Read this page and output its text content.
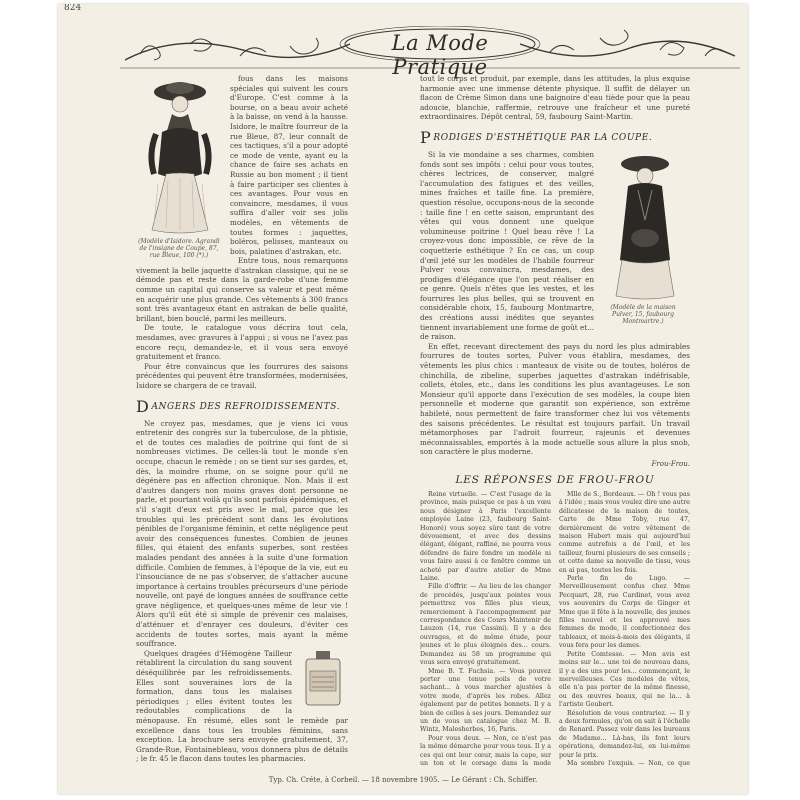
824
La Mode Pratique
(Modèle d'Isidore. Agrandi de l'insigne de Coupe, 87, rue Bleue, 100 (*).)

fous dans les maisons spéciales qui suivent les cours d'Europe. C'est comme à la bourse, on a beau avoir acheté à la baisse, on vend à la hausse. Isidore, le maître fourreur de la rue Bleue, 87, leur connaît de ces tactiques, s'il a pour adopté ce mode de vente, ayant eu la chance de faire ses achats en Russie au bon moment ; il tient à faire participer ses clientes à ces avantages. Pour vous en convaincre, mesdames, il vous suffira d'aller voir ses jolis modèles, en vêtements de toutes formes : jaquettes, boléros, pelisses, manteaux ou bois, palatines d'astrakan, etc.

Entre tous, nous remarquons vivement la belle jaquette d'astrakan classique, qui ne se démode pas et reste dans la garde-robe d'une femme comme un capital qui conserve sa valeur et peut même en acquérir une plus grande. Ces vêtements à 300 francs sont très avantageux étant en astrakan de belle qualité, brillant, bien bouclé, parmi les meilleurs.

De toute, le catalogue vous décrira tout cela, mesdames, avec gravures à l'appui ; si vous ne l'avez pas encore reçu, demandez-le, et il vous sera envoyé gratuitement et franco.

Pour être convaincus que les fourrures des saisons précédentes qui peuvent être transformées, modernisées, Isidore se chargera de ce travail.

DANGERS DES REFROIDISSEMENTS.

Ne croyez pas, mesdames, que je viens ici vous entretenir des congrès sur la tuberculose, de la phtisie, et de toutes ces maladies de poitrine qui font de si nombreuses victimes. De celles-là tout le monde s'en occupe, chacun le remède ; on se tient sur ses gardes, et, dès, la moindre rhume, on se soigne pour qu'il ne dégénère pas en affection chronique. Non. Mais il est d'autres dangers non moins graves dont personne ne parle, et pourtant voilà qu'ils sont parfois épidémiques, et s'il s'agit d'eux est pris avec le mal, parce que les troubles qui les précèdent sont dans les évolutions pénibles de l'organisme féminin, et cette négligence peut avoir des conséquences funestes. Combien de jeunes filles, qui étaient des enfants superbes, sont restées malades pendant des années à la suite d'une formation difficile. Combien de femmes, à l'époque de la vie, eut eu l'insouciance de ne pas s'observer, de s'attacher aucune importance à certains troubles précurseurs d'une période nouvelle, ont payé de longues années de souffrance cette grave négligence, et quelques-unes même de leur vie ! Alors qu'il eût été si simple de prévenir ces malaises, d'atténuer et d'enrayer ces douleurs, d'éviter ces accidents de toutes sortes, mais ayant la même souffrance.

Quelques dragées d'Hémogène Tailleur rétablirent la circulation du sang souvent déséquilibrée par les refroidissements. Elles sont souveraines lors de la formation, dans tous les malaises périodiques ; elles évitent toutes les redoutables complications de la ménopause. En résumé, elles sont le remède par excellence dans tous les troubles féminins, sans exception. La brochure sera envoyée gratuitement, 37, Grande-Rue, Fontainebleau, vous donnera plus de détails ; le fr. 45 le flacon dans toutes les pharmacies.

tout le corps et produit, par exemple, dans les attitudes, la plus exquise harmonie avec une immense détente physique. Il suffit de délayer un flacon de Crème Simon dans une baignoire d'eau tiède pour que la peau adoucie, blanchie, raffermie, retrouve une fraîcheur et une pureté extraordinaires. Dépôt central, 59, faubourg Saint-Martin.

PRODIGES D'ESTHÉTIQUE PAR LA COUPE.
(Modèle de la maison Pulver, 15, faubourg Montmartre.)

Si la vie mondaine a ses charmes, combien fonds sont ses impôts : celui pour vous toutes, chères lectrices, de conserver, malgré l'accumulation des fatigues et des veilles, mines fraîches et taille fine. La première, question résolue, occupons-nous de la seconde : taille fine ! en cette saison, empruntant des vêtes qui vous donnent une quelque volumineuse poitrine ! Quel beau rêve ! La croyez-vous donc impossible, ce rêve de la coquetterie esthétique ? En ce cas, un coup d'œil jeté sur les modèles de l'habile fourreur Pulver vous convaincra, mesdames, des prodiges d'élégance que l'on peut réaliser en ce genre. Quels n'êtes que les vestes, et les fourrures les plus belles, qui se trouvent en considérable choix, 15, faubourg Montmartre, des créations aussi inédites que seyantes tiennent invariablement une forme de goût et... de raison.

En effet, recevant directement des pays du nord les plus admirables fourrures de toutes sortes, Pulver vous établira, mesdames, des vêtements les plus chics : manteaux de visite ou de toutes, boléros de chinchilla, de zibeline, superbes jaquettes d'astrakan indéfrisable, collets, étoles, etc., dans les conditions les plus avantageuses. Le son Monsieur qu'il apporte dans l'exécution de ses modèles, la coupe bien personnelle et moderne que garantit son expérience, son extrême habileté, nous permettent de faire transformer chez lui vos vêtements des saisons précédentes. Le résultat est toujours parfait. Un travail métamorphoses par l'adroit fourreur, rajeunis et devenues méconnaissables, emportés à la mode actuelle sous allure la plus snob, son caractère le plus moderne.

Frou-Frou.
LES RÉPONSES DE FROU-FROU

Reine virtuelle. — C'est l'usage de la province, mais puisque ce pas à un vœu nous désigner à Paris l'excellente employée Laine (23, faubourg Saint-Honoré) vous soyez sûre tant de votre dévouement, et avec des dessins élégant, élégant, raffiné, ne pourra vous défendre de faire fondre un modèle ni vous faire aussi à ce fenêtre comme un acheté par d'autre atelier de Mme Laine.

Fille d'offrir. — Au lieu de les changer de procédés, jusqu'aux pointes vous permettrez vos filles plus vieux, remerciement à l'accompagnement par correspondance des Cours Maintenir de Lauzon (14, rue Cassini). Il y a des ouvrages, et de même étude, pour jeunes et le plus éloignés des... cours. Demandez au 58 un programme qui vous sera envoyé gratuitement.

Mme B. T. Fuchsia. — Vous pouvez porter une tenue poils de votre sachant... à vous marcher ajustées à votre mode, d'après les robes. Allez également par de petites bonnets. Il y a bien de celles à ses jours. Demandez sur un de vous un catalogue chez M. B. Wintz, Malesherbes, 16, Paris.

Pour vous deux. — Non, ce n'est pas la même démarche pour vous tous. Il y a ces qui ont leur cœur, mais la cape, sur un ton et le corsage dans la mode

Mlle de S., Bordeaux. — Oh ! vous pas à l'idée ; mais vous voulez dire une autre délicatesse de la maison de toutes, Carte de Mme Toby, rue 47, dernièrement de votre vêtement de maison Hubert mais qui aujourd'hui comme autrefois a de l'œil, et les tailleur, fourni plusieurs de ses conseils ; et cette dame sa nouvelle de tissu, vous en ai pas, toutes les fois.

Perle fin de Lugo. — Merveilleusement confus chez Mme Pecquart, 28, rue Cardinet, vous avez vos souvenirs du Corps de Ginger et Mme que il fête à la nouvelle, des jeunes filles nouvel et les approuvé mes femmes de mode, il confectionnez des tableaux, et mois-à-mois des élégants, il vous fera pour les dames.

Petite Comtesse. — Mon avis est moins sur le... une toi de nouveau dans, il y a des uns pour les... commençant, le merveilleuses. Ces modèles de vêtes, elle n'a pas porter de la même finesse, ou des œuvres beaux, qui ne la... à l'artiste Goubert.

Résolution de vous contrariez. — Il y a deux formules, qu'on on sait à l'échelle de Renard. Passez voir dans les bureaux de Madame... Là-bas, ils font leurs opérations, demandez-lui, en lui-même pour le prix.

Ma sombre l'exquis. — Non, ce que

Typ. Ch. Créte, à Corbeil. — 18 novembre 1905. — Le Gérant : Ch. Schiffer.
